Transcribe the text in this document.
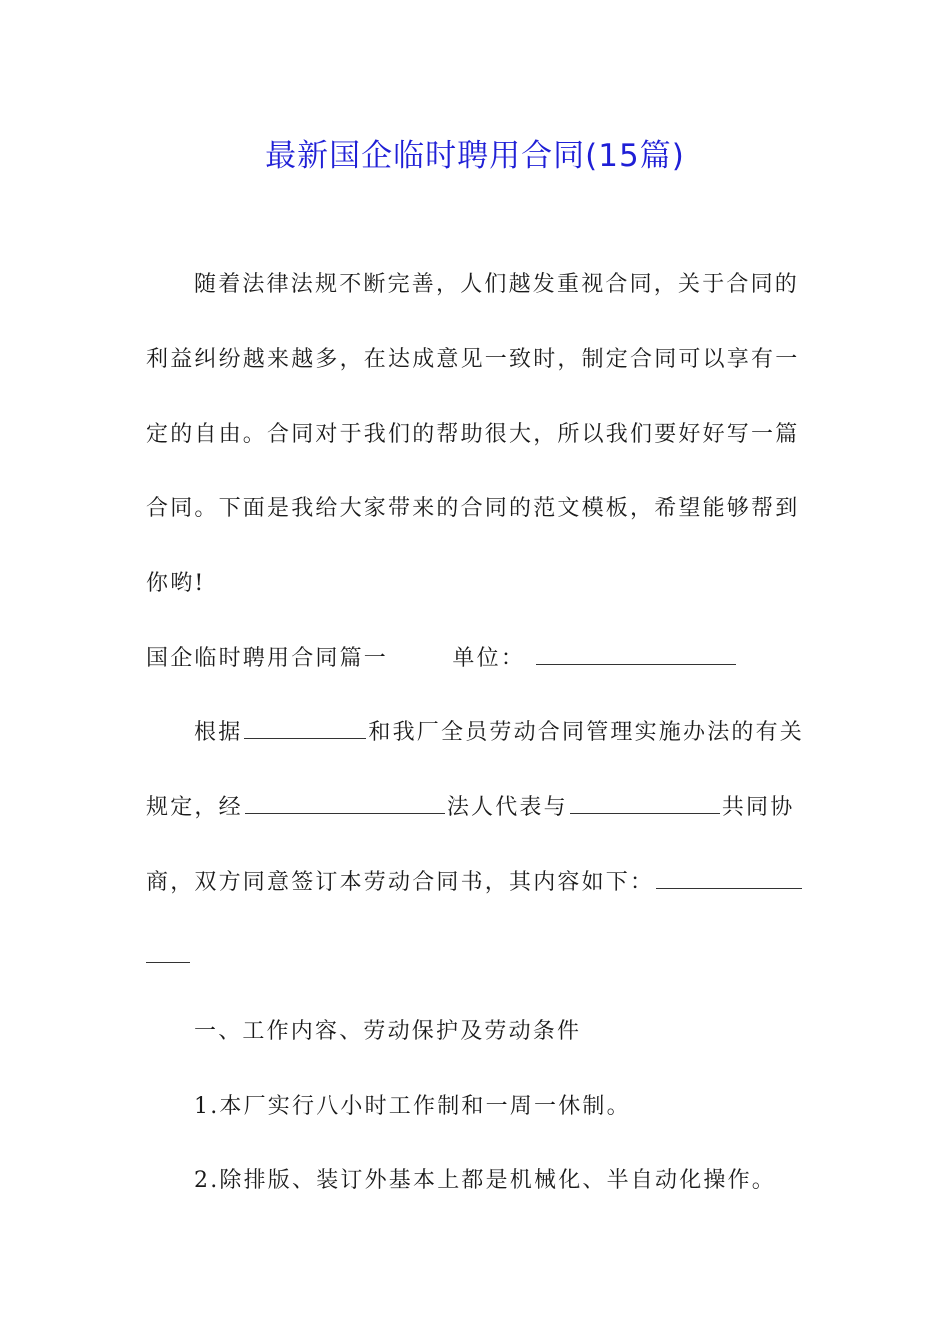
最新国企临时聘用合同(15篇)
随着法律法规不断完善，人们越发重视合同，关于合同的
利益纠纷越来越多，在达成意见一致时，制定合同可以享有一
定的自由。合同对于我们的帮助很大，所以我们要好好写一篇
合同。下面是我给大家带来的合同的范文模板，希望能够帮到
你哟!
国企临时聘用合同篇一	单位：
根据	和我厂全员劳动合同管理实施办法的有关
规定，经	法人代表与	共同协
商，双方同意签订本劳动合同书，其内容如下：
一、工作内容、劳动保护及劳动条件
1.本厂实行八小时工作制和一周一休制。
2.除排版、装订外基本上都是机械化、半自动化操作。
